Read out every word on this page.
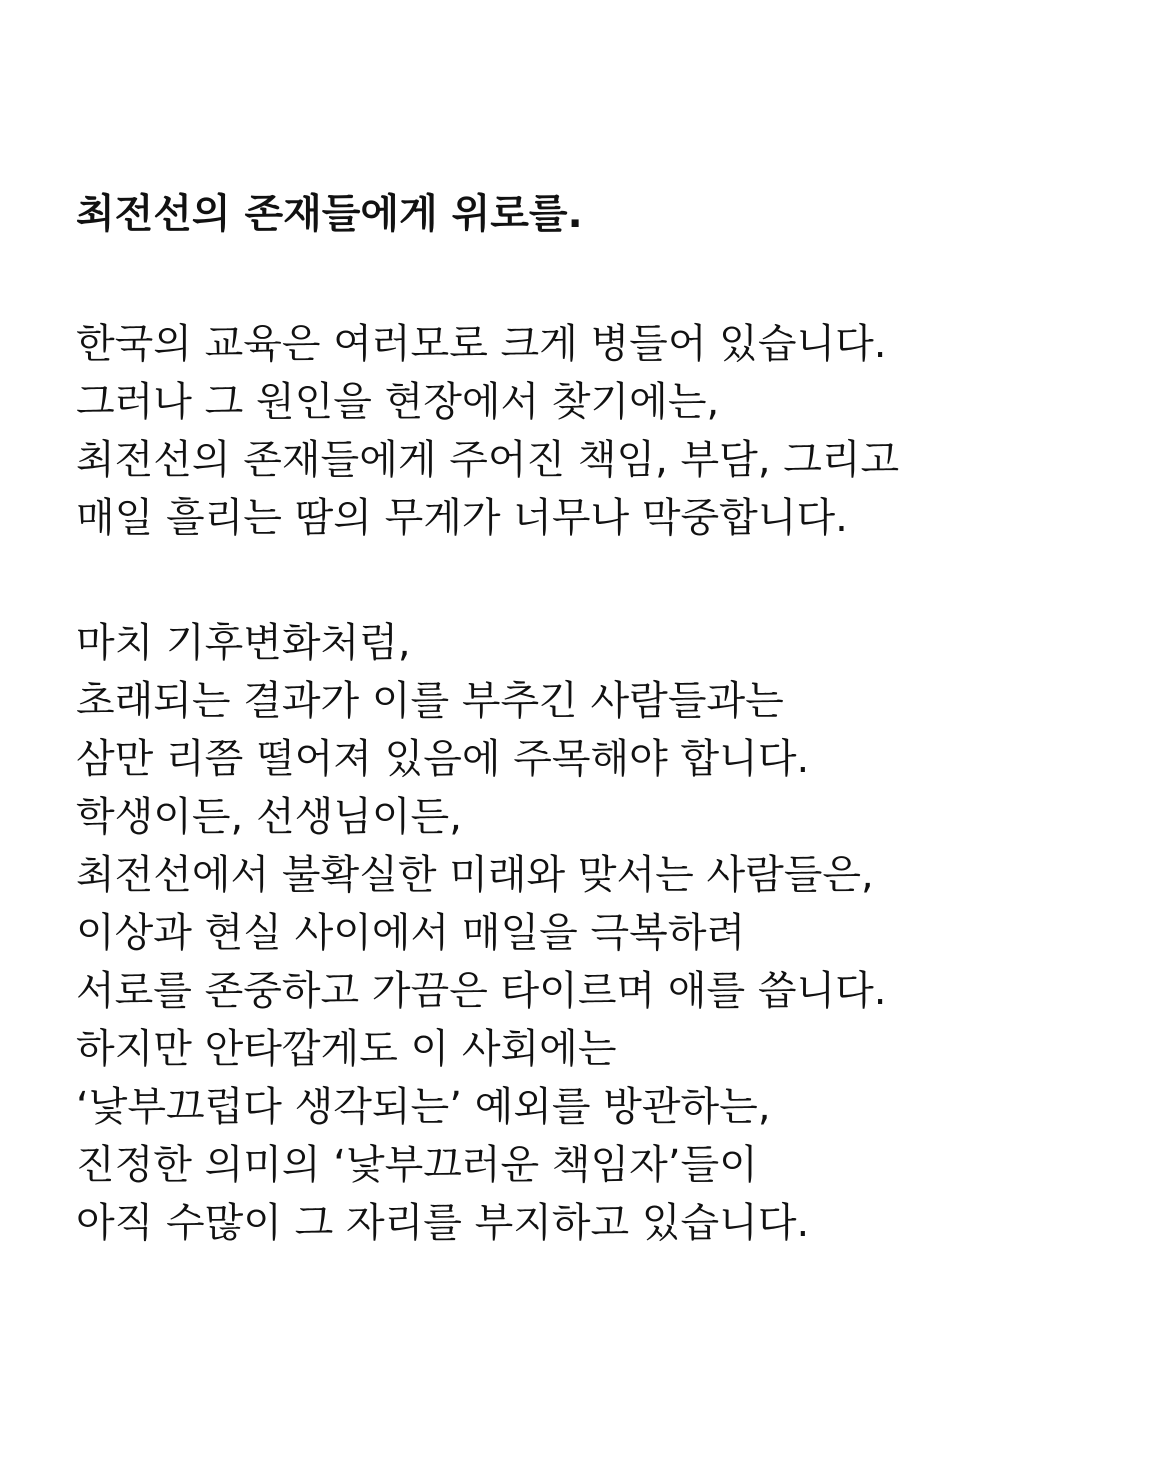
최전선의 존재들에게 위로를.

한국의 교육은 여러모로 크게 병들어 있습니다.
그러나 그 원인을 현장에서 찾기에는,
최전선의 존재들에게 주어진 책임, 부담, 그리고
매일 흘리는 땀의 무게가 너무나 막중합니다.

마치 기후변화처럼,
초래되는 결과가 이를 부추긴 사람들과는
삼만 리쯤 떨어져 있음에 주목해야 합니다.
학생이든, 선생님이든,
최전선에서 불확실한 미래와 맞서는 사람들은,
이상과 현실 사이에서 매일을 극복하려
서로를 존중하고 가끔은 타이르며 애를 씁니다.
하지만 안타깝게도 이 사회에는
‘낯부끄럽다 생각되는’ 예외를 방관하는,
진정한 의미의 ‘낯부끄러운 책임자’들이
아직 수많이 그 자리를 부지하고 있습니다.
